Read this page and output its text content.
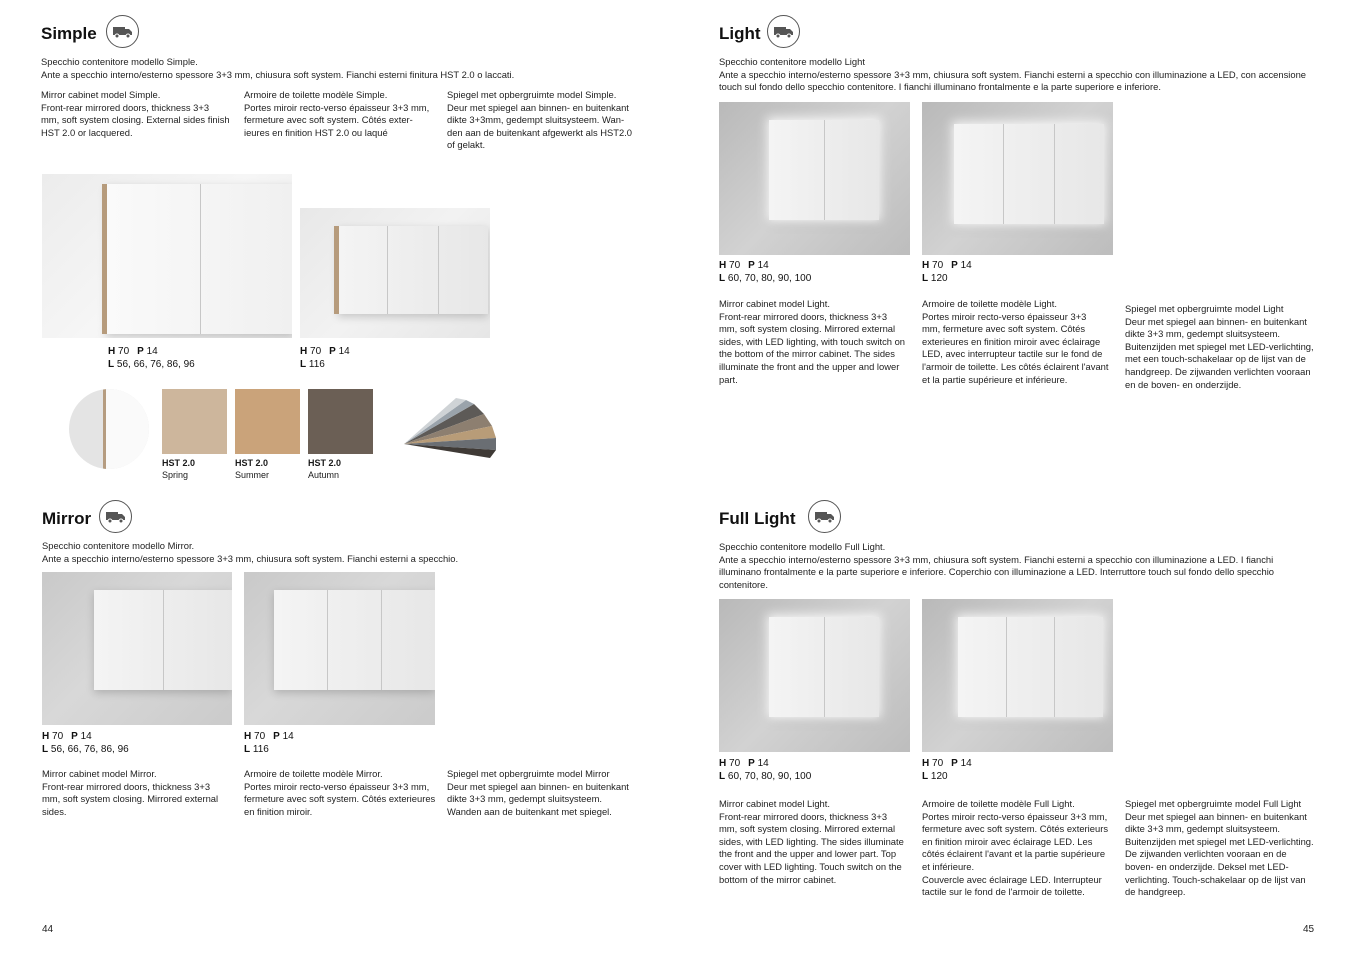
Simple
Specchio contenitore modello Simple.
Ante a specchio interno/esterno spessore 3+3 mm, chiusura soft system. Fianchi esterni finitura HST 2.0 o laccati.
Mirror cabinet model Simple.
Front-rear mirrored doors, thickness 3+3
mm, soft system closing. External sides finish
HST 2.0 or lacquered.
Armoire de toilette modèle Simple.
Portes miroir recto-verso épaisseur 3+3 mm,
fermeture avec soft system. Côtés exter-
ieures en finition HST 2.0 ou laqué
Spiegel met opbergruimte model Simple.
Deur met spiegel aan binnen- en buitenkant
dikte 3+3mm, gedempt sluitsysteem. Wan-
den aan de buitenkant afgewerkt als HST2.0
of gelakt.
H 70 P 14
L 56, 66, 76, 86, 96
H 70 P 14
L 116
HST 2.0
Spring
HST 2.0
Summer
HST 2.0
Autumn
Mirror
Specchio contenitore modello Mirror.
Ante a specchio interno/esterno spessore 3+3 mm, chiusura soft system. Fianchi esterni a specchio.
H 70 P 14
L 56, 66, 76, 86, 96
H 70 P 14
L 116
Mirror cabinet model Mirror.
Front-rear mirrored doors, thickness 3+3
mm, soft system closing. Mirrored external
sides.
Armoire de toilette modèle Mirror.
Portes miroir recto-verso épaisseur 3+3 mm,
fermeture avec soft system. Côtés exterieures
en finition miroir.
Spiegel met opbergruimte model Mirror
Deur met spiegel aan binnen- en buitenkant
dikte 3+3 mm, gedempt sluitsysteem.
Wanden aan de buitenkant met spiegel.
44
Light
Specchio contenitore modello Light
Ante a specchio interno/esterno spessore 3+3 mm, chiusura soft system. Fianchi esterni a specchio con illuminazione a LED, con accensione
touch sul fondo dello specchio contenitore. I fianchi illuminano frontalmente e la parte superiore e inferiore.
H 70 P 14
L 60, 70, 80, 90, 100
H 70 P 14
L 120
Mirror cabinet model Light.
Front-rear mirrored doors, thickness 3+3
mm, soft system closing. Mirrored external
sides, with LED lighting, with touch switch on
the bottom of the mirror cabinet. The sides
illuminate the front and the upper and lower
part.
Armoire de toilette modèle Light.
Portes miroir recto-verso épaisseur 3+3
mm, fermeture avec soft system. Côtés
exterieures en finition miroir avec éclairage
LED, avec interrupteur tactile sur le fond de
l'armoir de toilette. Les côtés éclairent l'avant
et la partie supérieure et inférieure.
Spiegel met opbergruimte model Light
Deur met spiegel aan binnen- en buitenkant
dikte 3+3 mm, gedempt sluitsysteem.
Buitenzijden met spiegel met LED-verlichting,
met een touch-schakelaar op de lijst van de
handgreep. De zijwanden verlichten vooraan
en de boven- en onderzijde.
Full Light
Specchio contenitore modello Full Light.
Ante a specchio interno/esterno spessore 3+3 mm, chiusura soft system. Fianchi esterni a specchio con illuminazione a LED. I fianchi
illuminano frontalmente e la parte superiore e inferiore. Coperchio con illuminazione a LED. Interruttore touch sul fondo dello specchio
contenitore.
H 70 P 14
L 60, 70, 80, 90, 100
H 70 P 14
L 120
Mirror cabinet model Light.
Front-rear mirrored doors, thickness 3+3
mm, soft system closing. Mirrored external
sides, with LED lighting. The sides illuminate
the front and the upper and lower part. Top
cover with LED lighting. Touch switch on the
bottom of the mirror cabinet.
Armoire de toilette modèle Full Light.
Portes miroir recto-verso épaisseur 3+3 mm,
fermeture avec soft system. Côtés exterieurs
en finition miroir avec éclairage LED. Les
côtés éclairent l'avant et la partie supérieure
et inférieure.
Couvercle avec éclairage LED. Interrupteur
tactile sur le fond de l'armoir de toilette.
Spiegel met opbergruimte model Full Light
Deur met spiegel aan binnen- en buitenkant
dikte 3+3 mm, gedempt sluitsysteem.
Buitenzijden met spiegel met LED-verlichting.
De zijwanden verlichten vooraan en de
boven- en onderzijde. Deksel met LED-
verlichting. Touch-schakelaar op de lijst van
de handgreep.
45
